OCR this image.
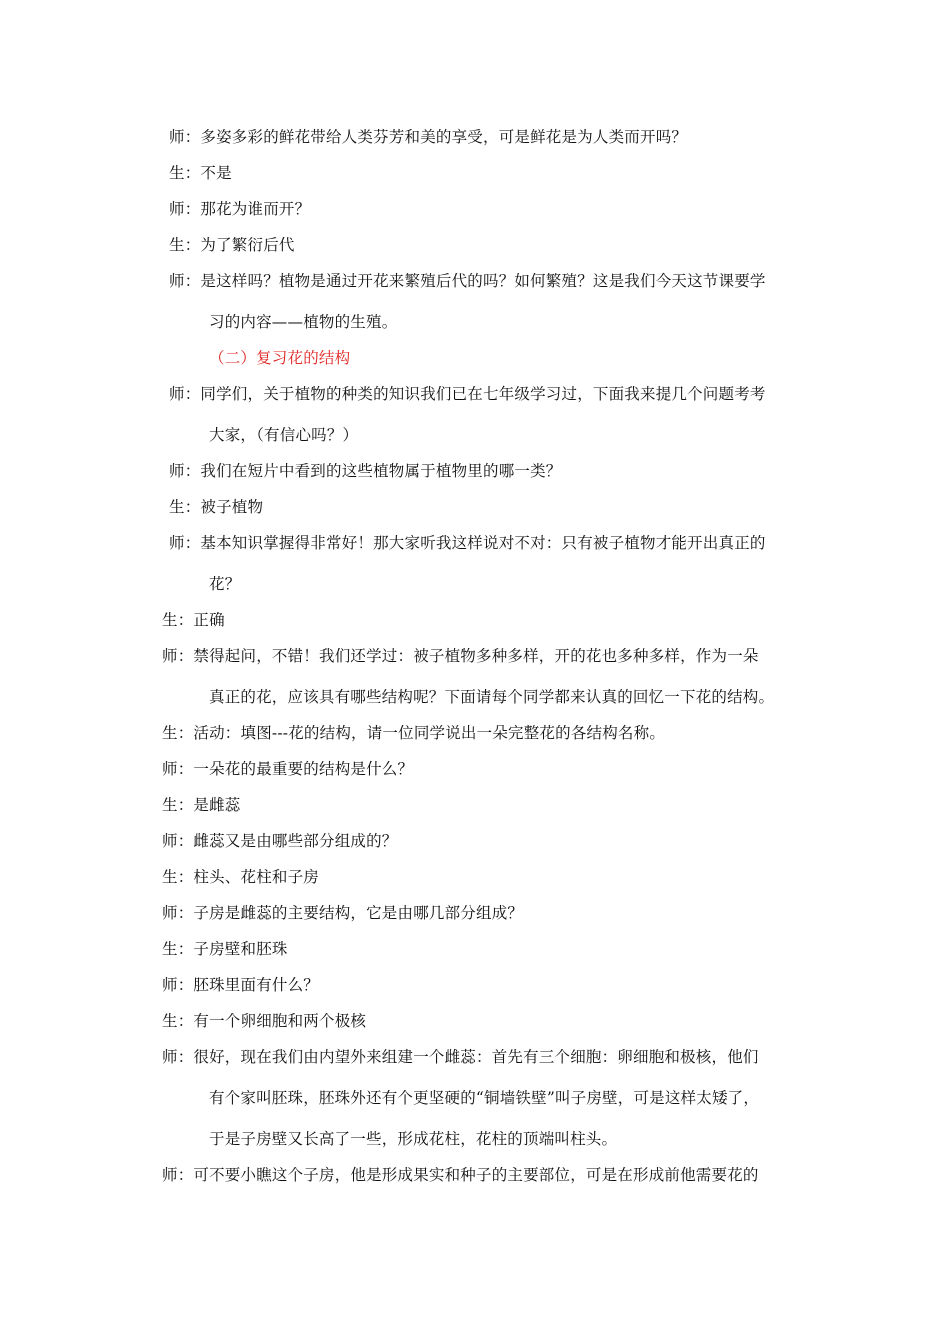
师：多姿多彩的鲜花带给人类芬芳和美的享受，可是鲜花是为人类而开吗？
生：不是
师：那花为谁而开？
生：为了繁衍后代
师：是这样吗？植物是通过开花来繁殖后代的吗？如何繁殖？这是我们今天这节课要学
习的内容——植物的生殖。
（二）复习花的结构
师：同学们，关于植物的种类的知识我们已在七年级学习过，下面我来提几个问题考考
大家，（有信心吗？）
师：我们在短片中看到的这些植物属于植物里的哪一类？
生：被子植物
师：基本知识掌握得非常好！那大家听我这样说对不对：只有被子植物才能开出真正的
花？
生：正确
师：禁得起问，不错！我们还学过：被子植物多种多样，开的花也多种多样，作为一朵
真正的花，应该具有哪些结构呢？下面请每个同学都来认真的回忆一下花的结构。
生：活动：填图---花的结构，请一位同学说出一朵完整花的各结构名称。
师：一朵花的最重要的结构是什么？
生：是雌蕊
师：雌蕊又是由哪些部分组成的？
生：柱头、花柱和子房
师：子房是雌蕊的主要结构，它是由哪几部分组成？
生：子房壁和胚珠
师：胚珠里面有什么？
生：有一个卵细胞和两个极核
师：很好，现在我们由内望外来组建一个雌蕊：首先有三个细胞：卵细胞和极核，他们
有个家叫胚珠，胚珠外还有个更坚硬的“铜墙铁壁”叫子房壁，可是这样太矮了，
于是子房壁又长高了一些，形成花柱，花柱的顶端叫柱头。
师：可不要小瞧这个子房，他是形成果实和种子的主要部位，可是在形成前他需要花的
